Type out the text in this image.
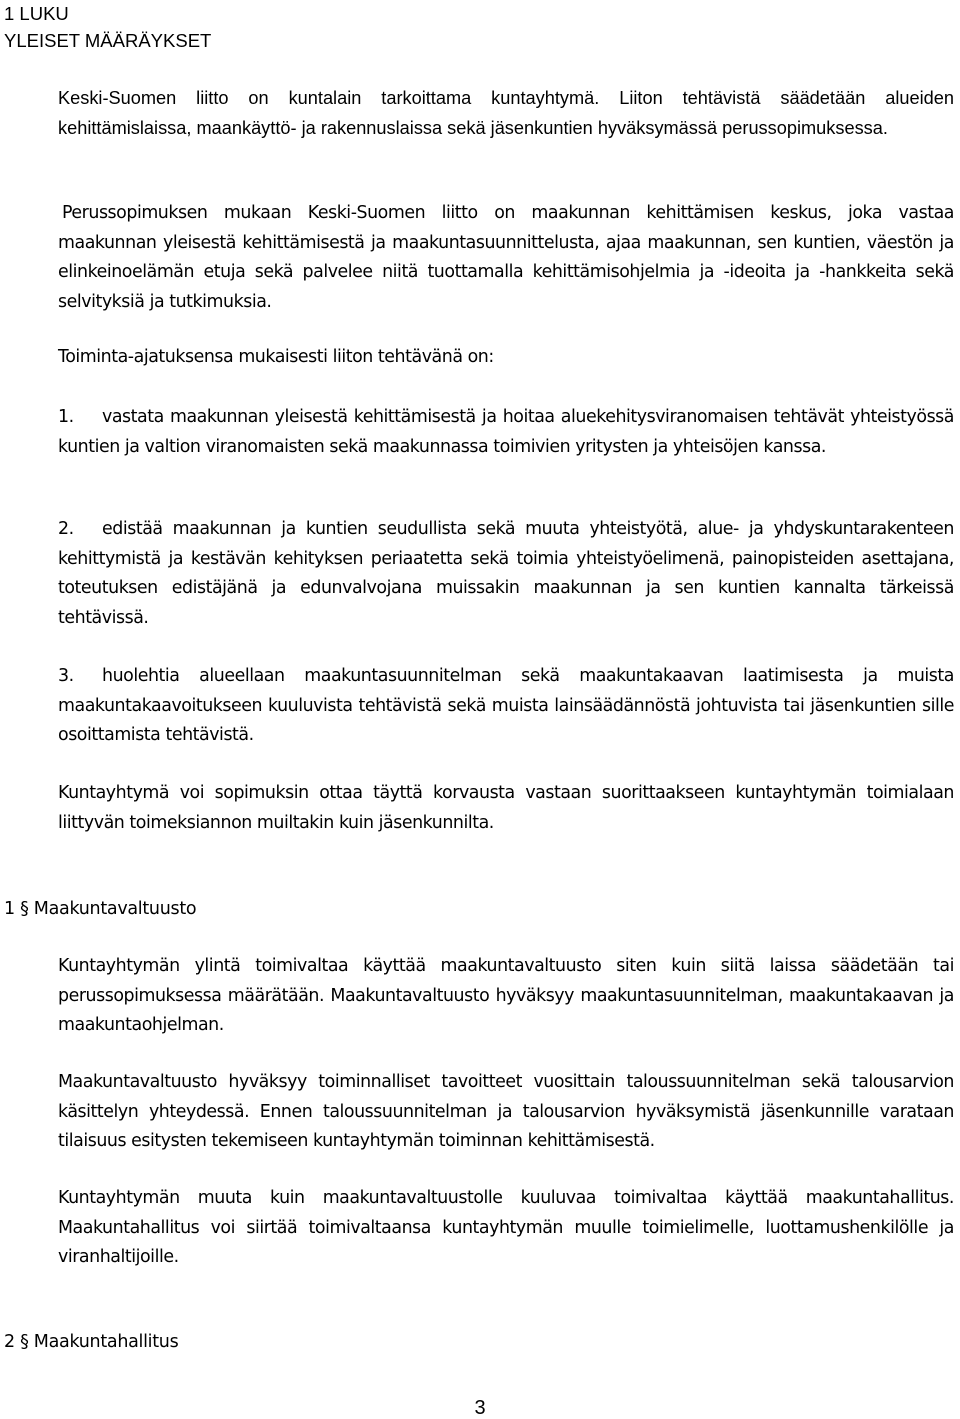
1 LUKU
YLEISET MÄÄRÄYKSET

Keski-Suomen liitto on kuntalain tarkoittama kuntayhtymä. Liiton tehtävistä säädetään alueiden kehittämislaissa, maankäyttö- ja rakennuslaissa sekä jäsenkuntien hyväksymässä perussopimuksessa.

Perussopimuksen mukaan Keski-Suomen liitto on maakunnan kehittämisen keskus, joka vastaa maakunnan yleisestä kehittämisestä ja maakuntasuunnittelusta, ajaa maakunnan, sen kuntien, väestön ja elinkeinoelämän etuja sekä palvelee niitä tuottamalla kehittämisohjelmia ja -ideoita ja -hankkeita sekä selvityksiä ja tutkimuksia.

Toiminta-ajatuksensa mukaisesti liiton tehtävänä on:

1. vastata maakunnan yleisestä kehittämisestä ja hoitaa aluekehitysviranomaisen tehtävät yhteistyössä kuntien ja valtion viranomaisten sekä maakunnassa toimivien yritysten ja yhteisöjen kanssa.

2. edistää maakunnan ja kuntien seudullista sekä muuta yhteistyötä, alue- ja yhdyskuntarakenteen kehittymistä ja kestävän kehityksen periaatetta sekä toimia yhteistyöelimenä, painopisteiden asettajana, toteutuksen edistäjänä ja edunvalvojana muissakin maakunnan ja sen kuntien kannalta tärkeissä tehtävissä.

3. huolehtia alueellaan maakuntasuunnitelman sekä maakuntakaavan laatimisesta ja muista maakuntakaavoitukseen kuuluvista tehtävistä sekä muista lainsäädännöstä johtuvista tai jäsenkuntien sille osoittamista tehtävistä.

Kuntayhtymä voi sopimuksin ottaa täyttä korvausta vastaan suorittaakseen kuntayhtymän toimialaan liittyvän toimeksiannon muiltakin kuin jäsenkunnilta.

1 § Maakuntavaltuusto

Kuntayhtymän ylintä toimivaltaa käyttää maakuntavaltuusto siten kuin siitä laissa säädetään tai perussopimuksessa määrätään. Maakuntavaltuusto hyväksyy maakuntasuunnitelman, maakuntakaavan ja maakuntaohjelman.

Maakuntavaltuusto hyväksyy toiminnalliset tavoitteet vuosittain taloussuunnitelman sekä talousarvion käsittelyn yhteydessä. Ennen taloussuunnitelman ja talousarvion hyväksymistä jäsenkunnille varataan tilaisuus esitysten tekemiseen kuntayhtymän toiminnan kehittämisestä.

Kuntayhtymän muuta kuin maakuntavaltuustolle kuuluvaa toimivaltaa käyttää maakuntahallitus. Maakuntahallitus voi siirtää toimivaltaansa kuntayhtymän muulle toimielimelle, luottamushenkilölle ja viranhaltijoille.

2 § Maakuntahallitus
3
